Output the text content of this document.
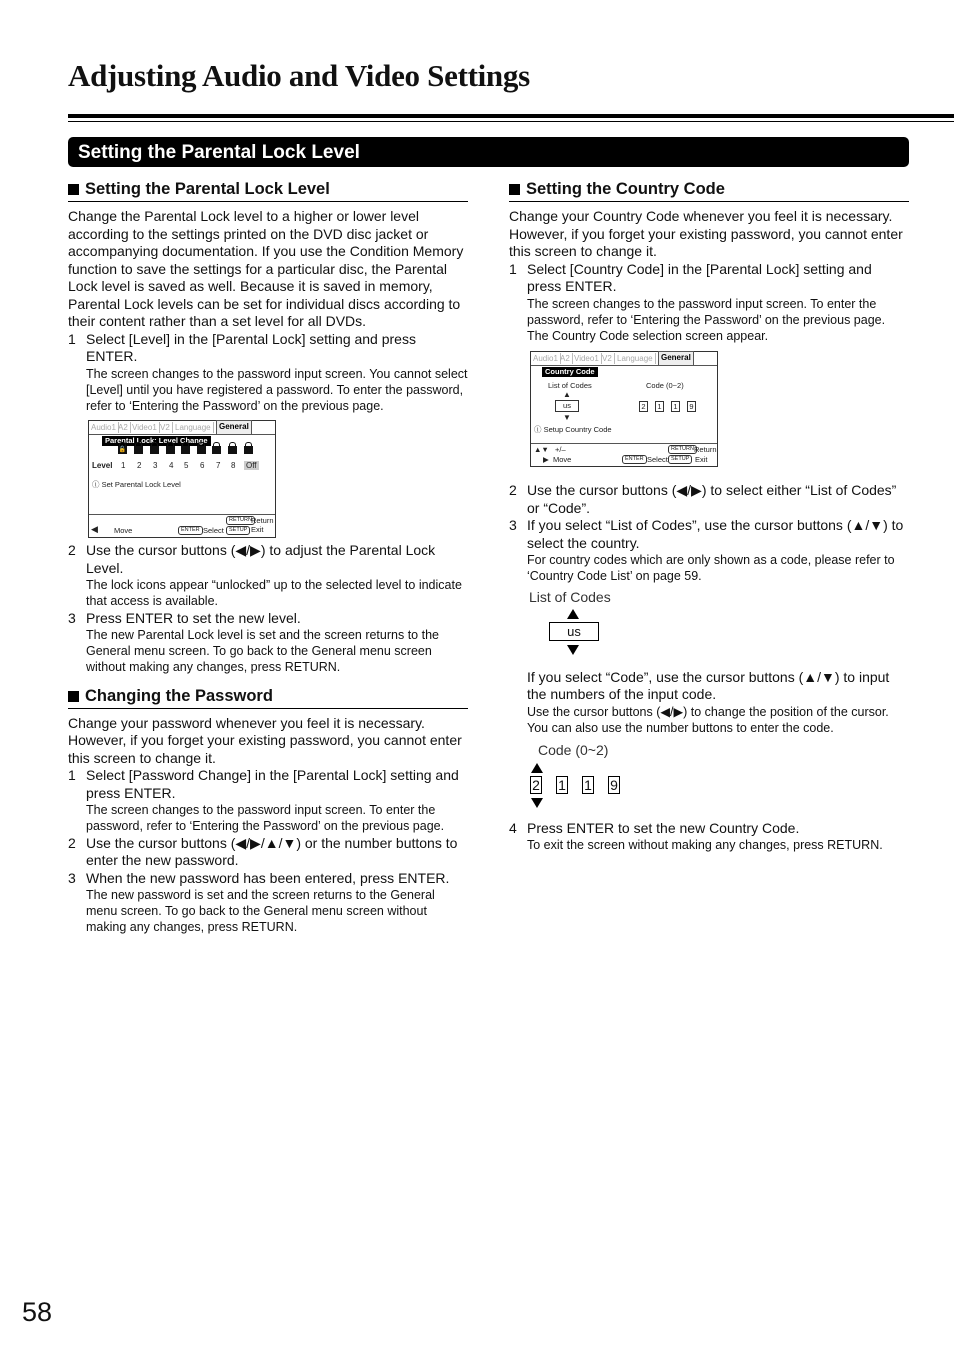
Adjusting Audio and Video Settings
Setting the Parental Lock Level
Setting the Parental Lock Level

Change the Parental Lock level to a higher or lower level according to the settings printed on the DVD disc jacket or accompanying documentation. If you use the Condition Memory function to save the settings for a particular disc, the Parental Lock level is saved as well. Because it is saved in memory, Parental Lock levels can be set for individual discs according to their content rather than a set level for all DVDs.

1 Select [Level] in the [Parental Lock] setting and press ENTER.
The screen changes to the password input screen. You cannot select [Level] until you have registered a password. To enter the password, refer to ‘Entering the Password’ on the previous page.
Audio1 A2 Video1 V2 Language	General
Parental Lock: Level Change
🔓
Level 1 2 3 4 5 6 7 8 Off
ⓘ Set Parental Lock Level
◀ Move	ENTER Select
RETURN Return
SETUP Exit
2 Use the cursor buttons (◀/▶) to adjust the Parental Lock Level.
The lock icons appear “unlocked” up to the selected level to indicate that access is available.
3 Press ENTER to set the new level.
The new Parental Lock level is set and the screen returns to the General menu screen. To go back to the General menu screen without making any changes, press RETURN.
Changing the Password

Change your password whenever you feel it is necessary. However, if you forget your existing password, you cannot enter this screen to change it.

1 Select [Password Change] in the [Parental Lock] setting and press ENTER.
The screen changes to the password input screen. To enter the password, refer to ‘Entering the Password’ on the previous page.
2 Use the cursor buttons (◀/▶/▲/▼) or the number buttons to enter the new password.
3 When the new password has been entered, press ENTER.
The new password is set and the screen returns to the General menu screen. To go back to the General menu screen without making any changes, press RETURN.
Setting the Country Code

Change your Country Code whenever you feel it is necessary. However, if you forget your existing password, you cannot enter this screen to change it.

1 Select [Country Code] in the [Parental Lock] setting and press ENTER.
The screen changes to the password input screen. To enter the password, refer to ‘Entering the Password’ on the previous page. The Country Code selection screen appear.
Audio1 A2 Video1 V2 Language	General
Country Code
List of Codes	Code (0~2)
▲
us
▼
2	1	1	9
ⓘ Setup Country Code
▲▼ +/–
▶ Move	ENTER Select
RETURN Return
SETUP Exit
2 Use the cursor buttons (◀/▶) to select either “List of Codes” or “Code”.
3 If you select “List of Codes”, use the cursor buttons (▲/▼) to select the country.
For country codes which are only shown as a code, please refer to ‘Country Code List’ on page 59.
List of Codes
us
If you select “Code”, use the cursor buttons (▲/▼) to input the numbers of the input code.
Use the cursor buttons (◀/▶) to change the position of the cursor. You can also use the number buttons to enter the code.
Code (0~2)
2 1 1 9
4 Press ENTER to set the new Country Code.
To exit the screen without making any changes, press RETURN.
58
